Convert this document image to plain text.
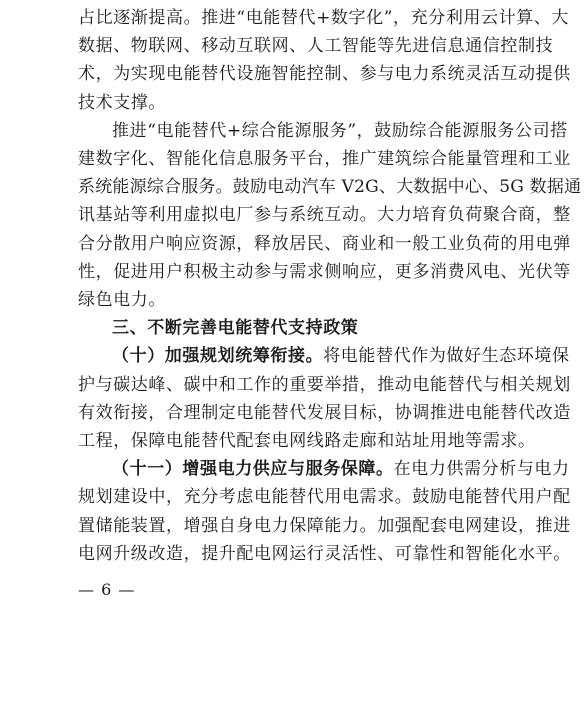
占比逐渐提高。推进“电能替代+数字化”，充分利用云计算、大
数据、物联网、移动互联网、人工智能等先进信息通信控制技
术，为实现电能替代设施智能控制、参与电力系统灵活互动提供
技术支撑。
推进“电能替代+综合能源服务”，鼓励综合能源服务公司搭
建数字化、智能化信息服务平台，推广建筑综合能量管理和工业
系统能源综合服务。鼓励电动汽车 V2G、大数据中心、5G 数据通
讯基站等利用虚拟电厂参与系统互动。大力培育负荷聚合商，整
合分散用户响应资源，释放居民、商业和一般工业负荷的用电弹
性，促进用户积极主动参与需求侧响应，更多消费风电、光伏等
绿色电力。
三、不断完善电能替代支持政策
（十）加强规划统筹衔接。将电能替代作为做好生态环境保
护与碳达峰、碳中和工作的重要举措，推动电能替代与相关规划
有效衔接，合理制定电能替代发展目标，协调推进电能替代改造
工程，保障电能替代配套电网线路走廊和站址用地等需求。
（十一）增强电力供应与服务保障。在电力供需分析与电力
规划建设中，充分考虑电能替代用电需求。鼓励电能替代用户配
置储能装置，增强自身电力保障能力。加强配套电网建设，推进
电网升级改造，提升配电网运行灵活性、可靠性和智能化水平。
— 6 —
